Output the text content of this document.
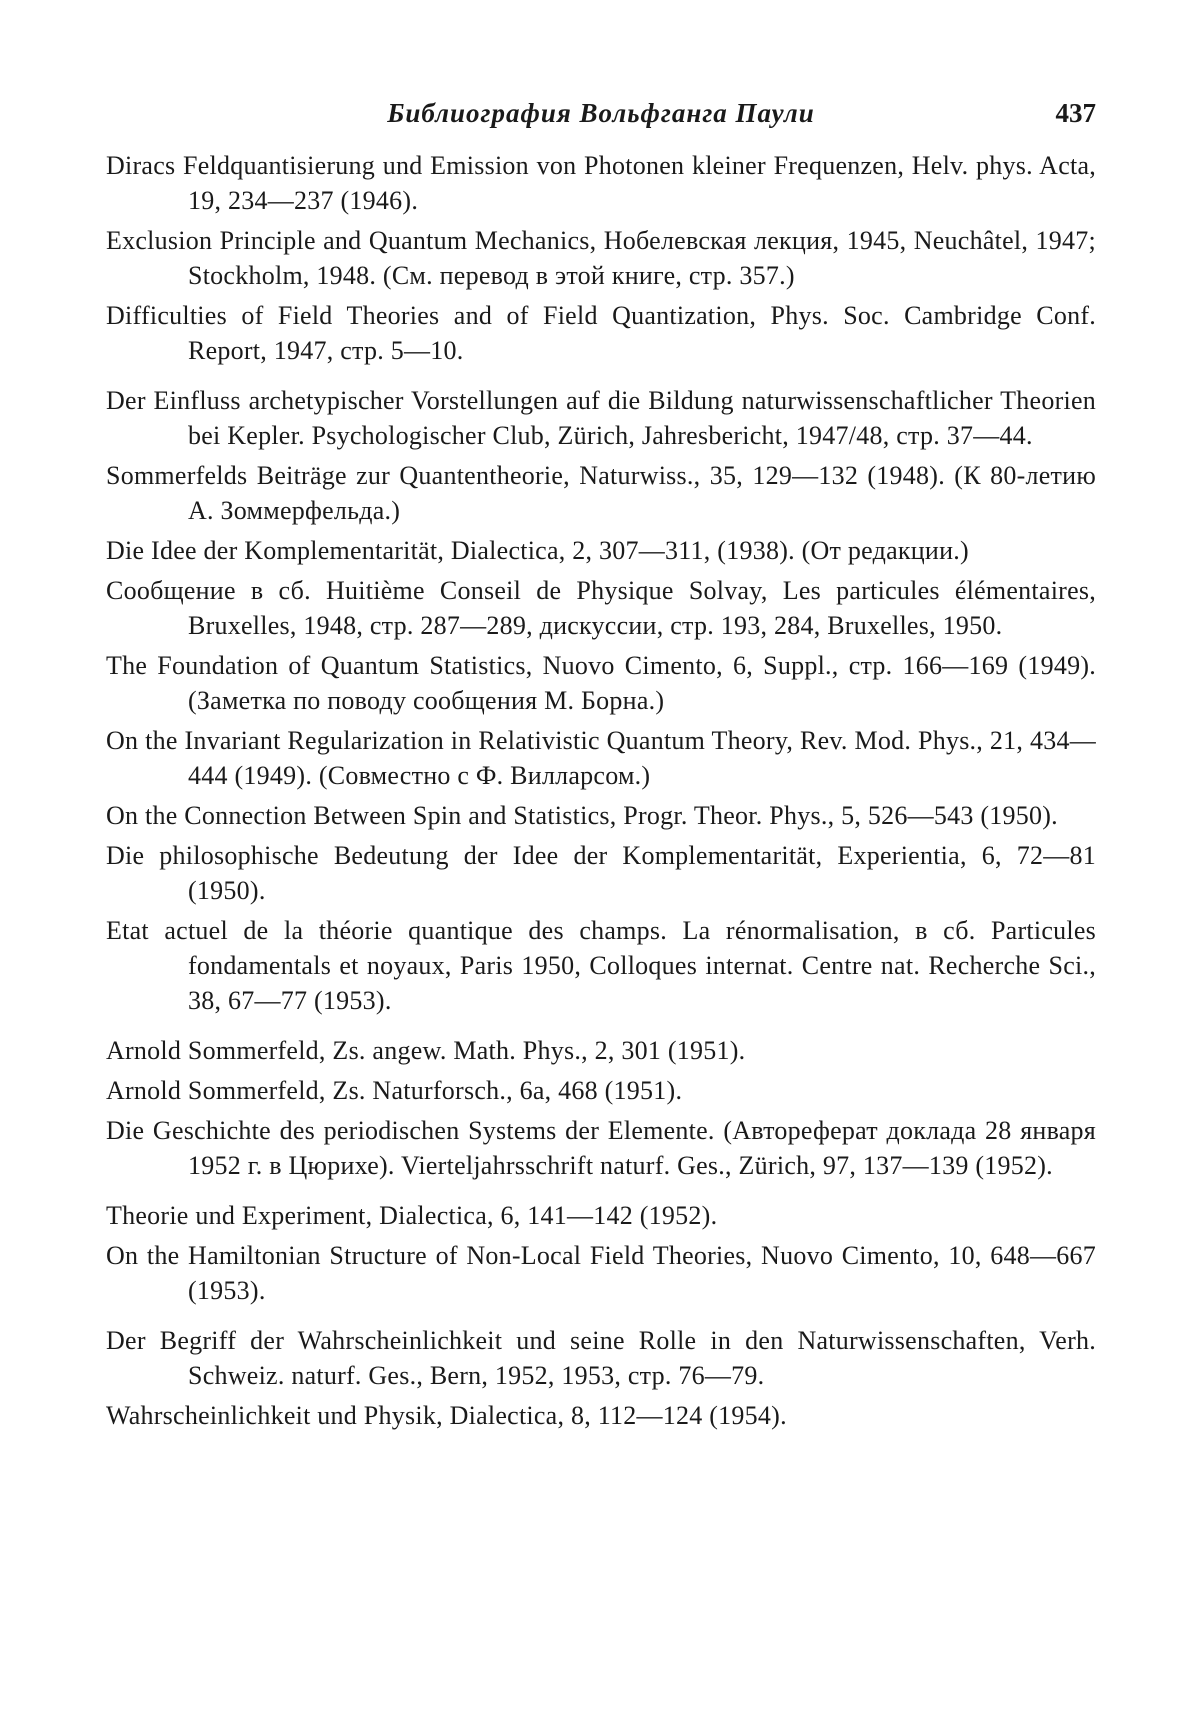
Библиография Вольфганга Паули	437

Diracs Feldquantisierung und Emission von Photonen kleiner Frequenzen, Helv. phys. Acta, 19, 234—237 (1946).

Exclusion Principle and Quantum Mechanics, Нобелевская лекция, 1945, Neuchâtel, 1947; Stockholm, 1948. (См. перевод в этой книге, стр. 357.)

Difficulties of Field Theories and of Field Quantization, Phys. Soc. Cambridge Conf. Report, 1947, стр. 5—10.

Der Einfluss archetypischer Vorstellungen auf die Bildung naturwissenschaftlicher Theorien bei Kepler. Psychologischer Club, Zürich, Jahresbericht, 1947/48, стр. 37—44.

Sommerfelds Beiträge zur Quantentheorie, Naturwiss., 35, 129—132 (1948). (К 80-летию А. Зоммерфельда.)

Die Idee der Komplementarität, Dialectica, 2, 307—311, (1938). (От редакции.)

Сообщение в сб. Huitième Conseil de Physique Solvay, Les particules élémentaires, Bruxelles, 1948, стр. 287—289, дискуссии, стр. 193, 284, Bruxelles, 1950.

The Foundation of Quantum Statistics, Nuovo Cimento, 6, Suppl., стр. 166—169 (1949). (Заметка по поводу сообщения М. Борна.)

On the Invariant Regularization in Relativistic Quantum Theory, Rev. Mod. Phys., 21, 434—444 (1949). (Совместно с Ф. Вилларсом.)

On the Connection Between Spin and Statistics, Progr. Theor. Phys., 5, 526—543 (1950).

Die philosophische Bedeutung der Idee der Komplementarität, Experientia, 6, 72—81 (1950).

Etat actuel de la théorie quantique des champs. La rénormalisation, в сб. Particules fondamentals et noyaux, Paris 1950, Colloques internat. Centre nat. Recherche Sci., 38, 67—77 (1953).

Arnold Sommerfeld, Zs. angew. Math. Phys., 2, 301 (1951).

Arnold Sommerfeld, Zs. Naturforsch., 6a, 468 (1951).

Die Geschichte des periodischen Systems der Elemente. (Автореферат доклада 28 января 1952 г. в Цюрихе). Vierteljahrsschrift naturf. Ges., Zürich, 97, 137—139 (1952).

Theorie und Experiment, Dialectica, 6, 141—142 (1952).

On the Hamiltonian Structure of Non-Local Field Theories, Nuovo Cimento, 10, 648—667 (1953).

Der Begriff der Wahrscheinlichkeit und seine Rolle in den Naturwissenschaften, Verh. Schweiz. naturf. Ges., Bern, 1952, 1953, стр. 76—79.

Wahrscheinlichkeit und Physik, Dialectica, 8, 112—124 (1954).
